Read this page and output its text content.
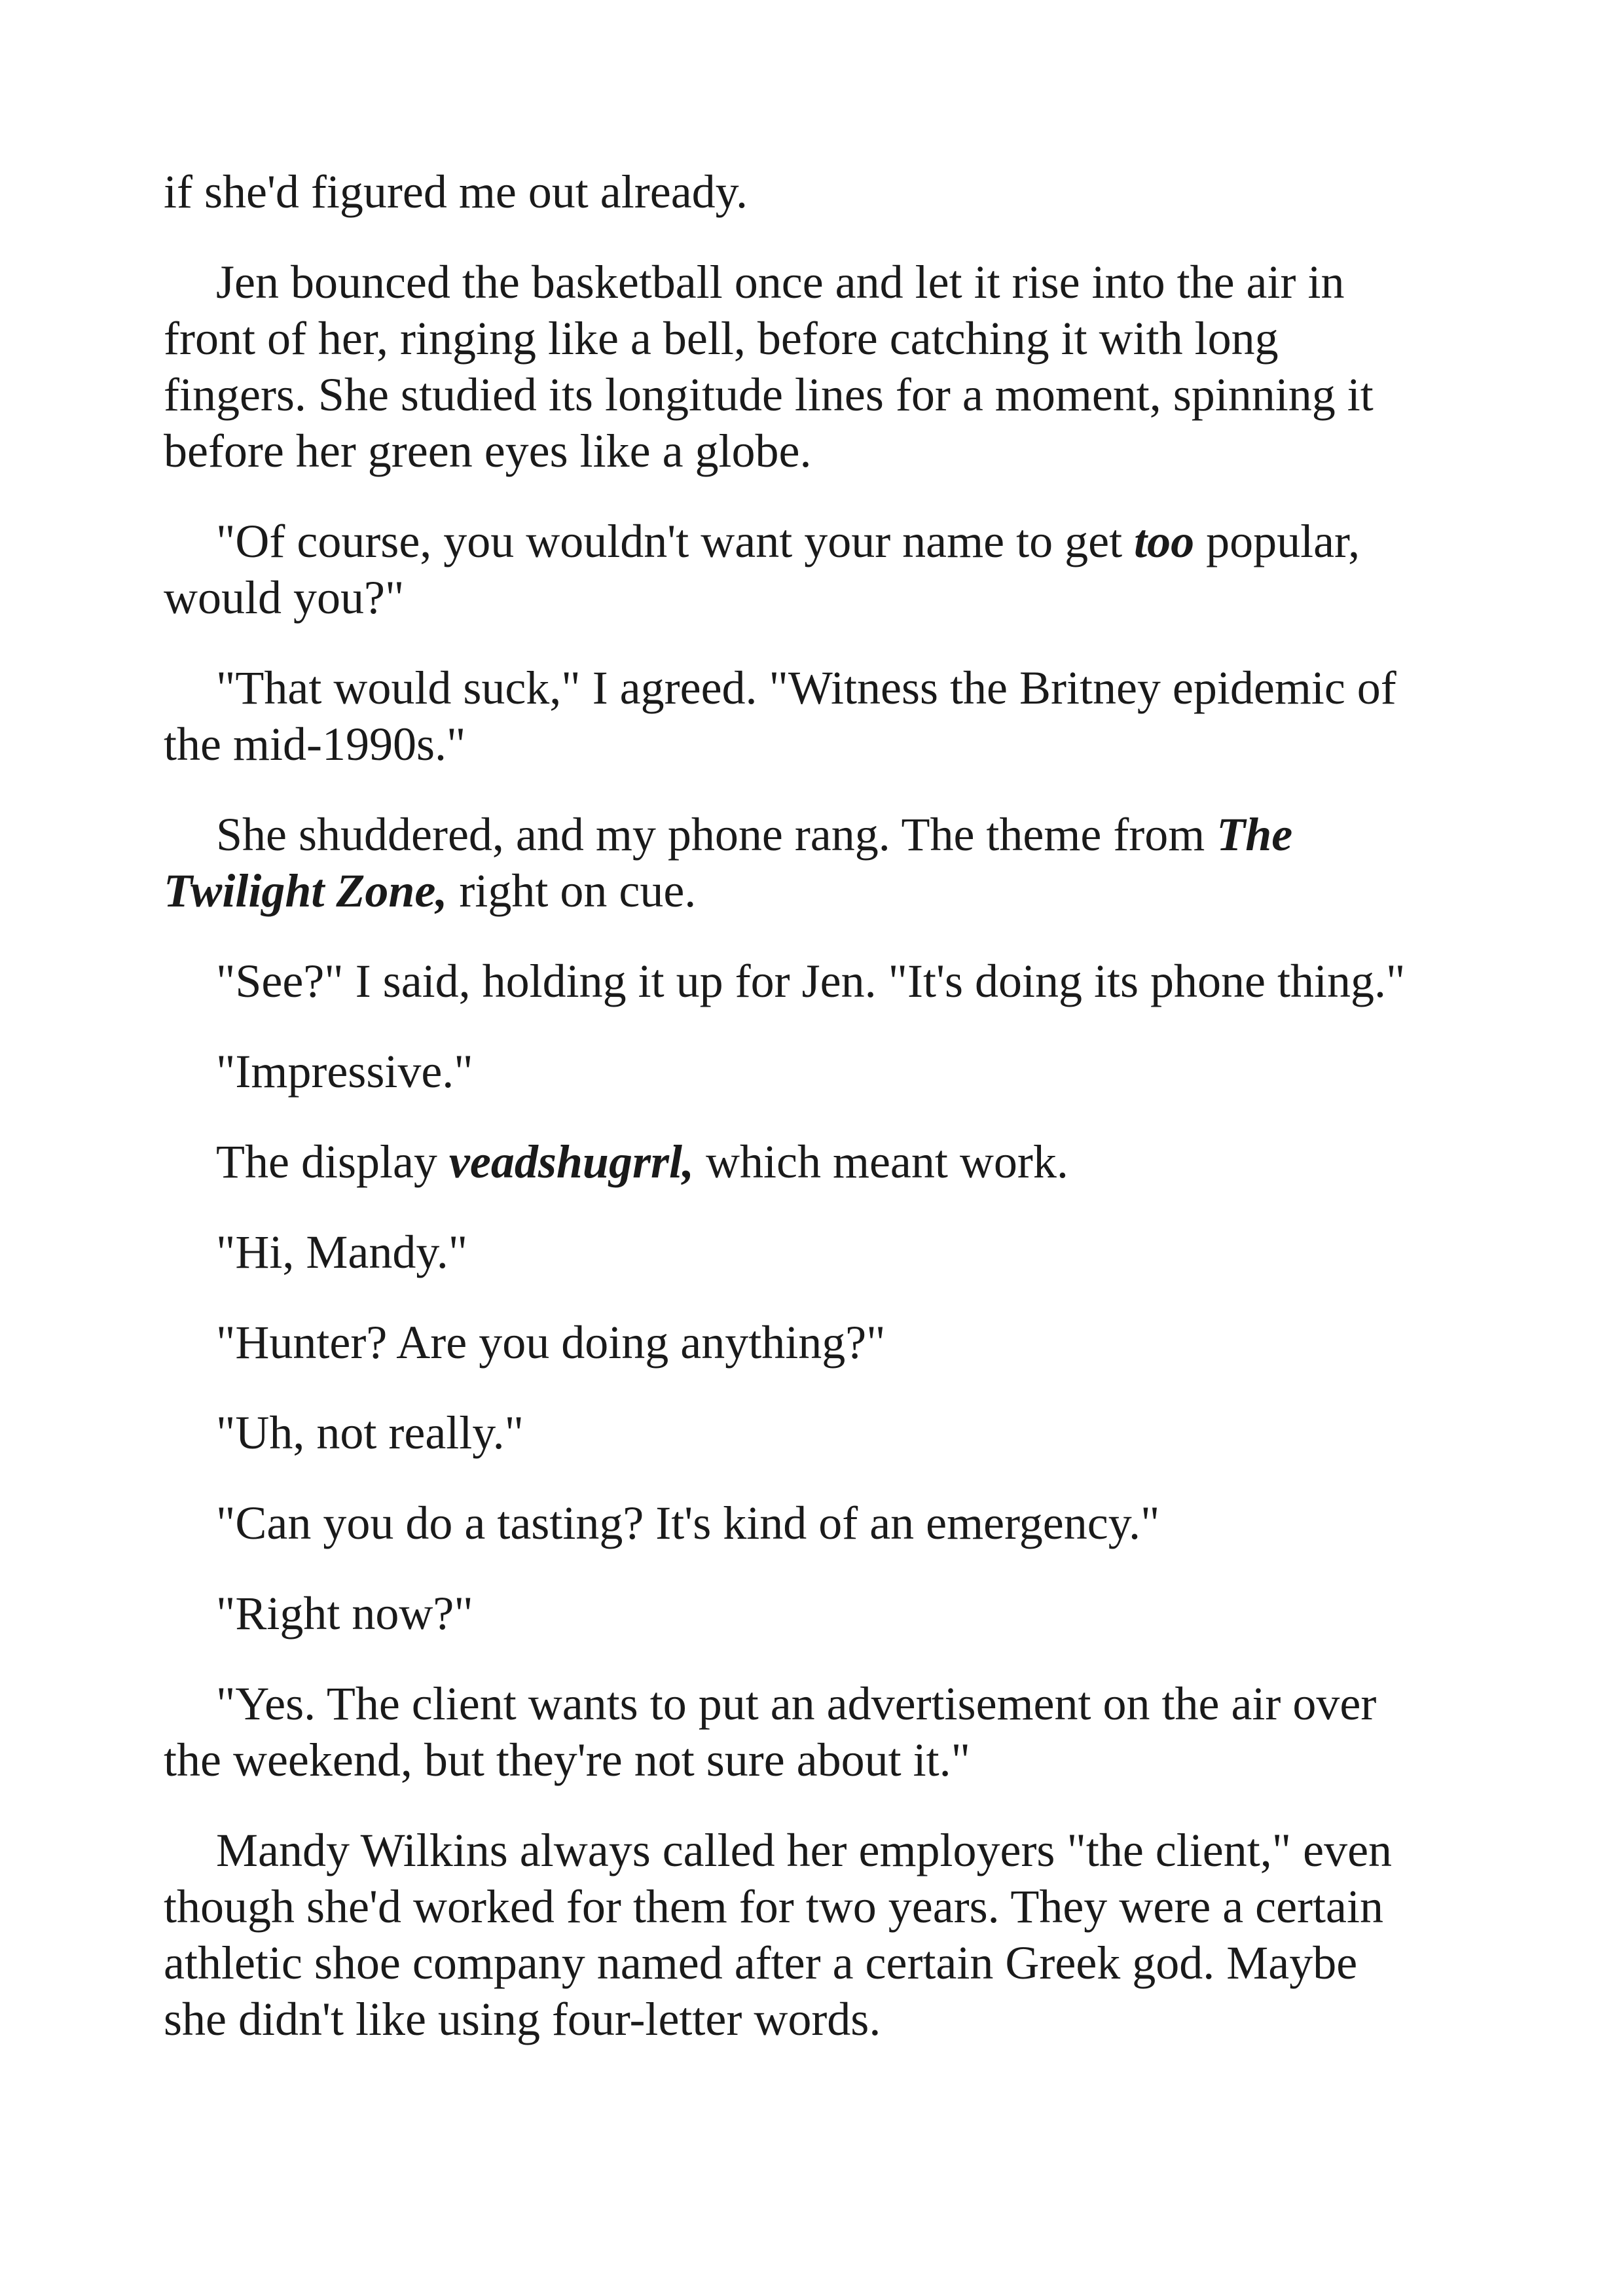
if she'd figured me out already.

Jen bounced the basketball once and let it rise into the air in front of her, ringing like a bell, before catching it with long fingers. She studied its longitude lines for a moment, spinning it before her green eyes like a globe.

"Of course, you wouldn't want your name to get too popular, would you?"

"That would suck," I agreed. "Witness the Britney epidemic of the mid-1990s."

She shuddered, and my phone rang. The theme from The Twilight Zone, right on cue.

"See?" I said, holding it up for Jen. "It's doing its phone thing."

"Impressive."

The display veadshugrrl, which meant work.

"Hi, Mandy."

"Hunter? Are you doing anything?"

"Uh, not really."

"Can you do a tasting? It's kind of an emergency."

"Right now?"

"Yes. The client wants to put an advertisement on the air over the weekend, but they're not sure about it."

Mandy Wilkins always called her employers "the client," even though she'd worked for them for two years. They were a certain athletic shoe company named after a certain Greek god. Maybe she didn't like using four-letter words.
